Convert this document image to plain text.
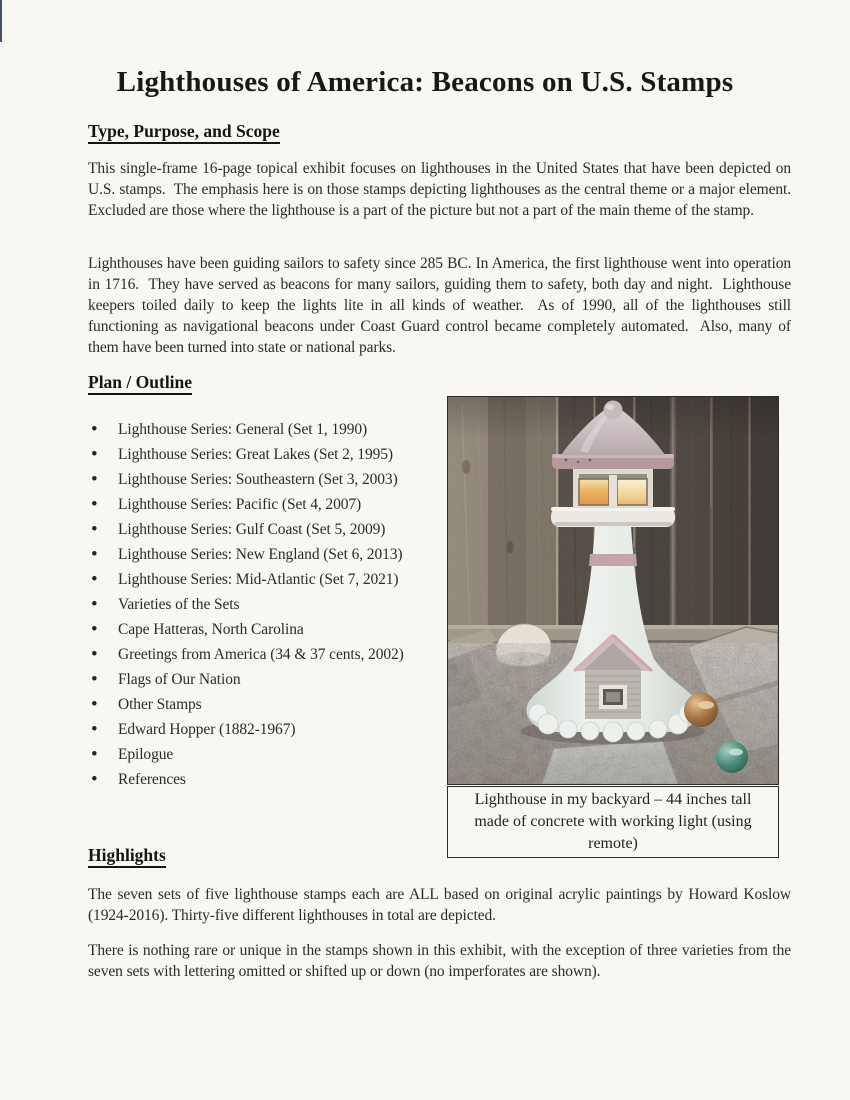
Lighthouses of America: Beacons on U.S. Stamps
Type, Purpose, and Scope

This single-frame 16-page topical exhibit focuses on lighthouses in the United States that have been depicted on U.S. stamps.  The emphasis here is on those stamps depicting lighthouses as the central theme or a major element.  Excluded are those where the lighthouse is a part of the picture but not a part of the main theme of the stamp.

Lighthouses have been guiding sailors to safety since 285 BC. In America, the first lighthouse went into operation in 1716.  They have served as beacons for many sailors, guiding them to safety, both day and night.  Lighthouse keepers toiled daily to keep the lights lite in all kinds of weather.  As of 1990, all of the lighthouses still functioning as navigational beacons under Coast Guard control became completely automated.  Also, many of them have been turned into state or national parks.

Plan / Outline
• Lighthouse Series: General (Set 1, 1990)
• Lighthouse Series: Great Lakes (Set 2, 1995)
• Lighthouse Series: Southeastern (Set 3, 2003)
• Lighthouse Series: Pacific (Set 4, 2007)
• Lighthouse Series: Gulf Coast (Set 5, 2009)
• Lighthouse Series: New England (Set 6, 2013)
• Lighthouse Series: Mid-Atlantic (Set 7, 2021)
• Varieties of the Sets
• Cape Hatteras, North Carolina
• Greetings from America (34 & 37 cents, 2002)
• Flags of Our Nation
• Other Stamps
• Edward Hopper (1882-1967)
• Epilogue
• References
Lighthouse in my backyard – 44 inches tall made of concrete with working light (using remote)
Highlights

The seven sets of five lighthouse stamps each are ALL based on original acrylic paintings by Howard Koslow (1924-2016). Thirty-five different lighthouses in total are depicted.

There is nothing rare or unique in the stamps shown in this exhibit, with the exception of three varieties from the seven sets with lettering omitted or shifted up or down (no imperforates are shown).
